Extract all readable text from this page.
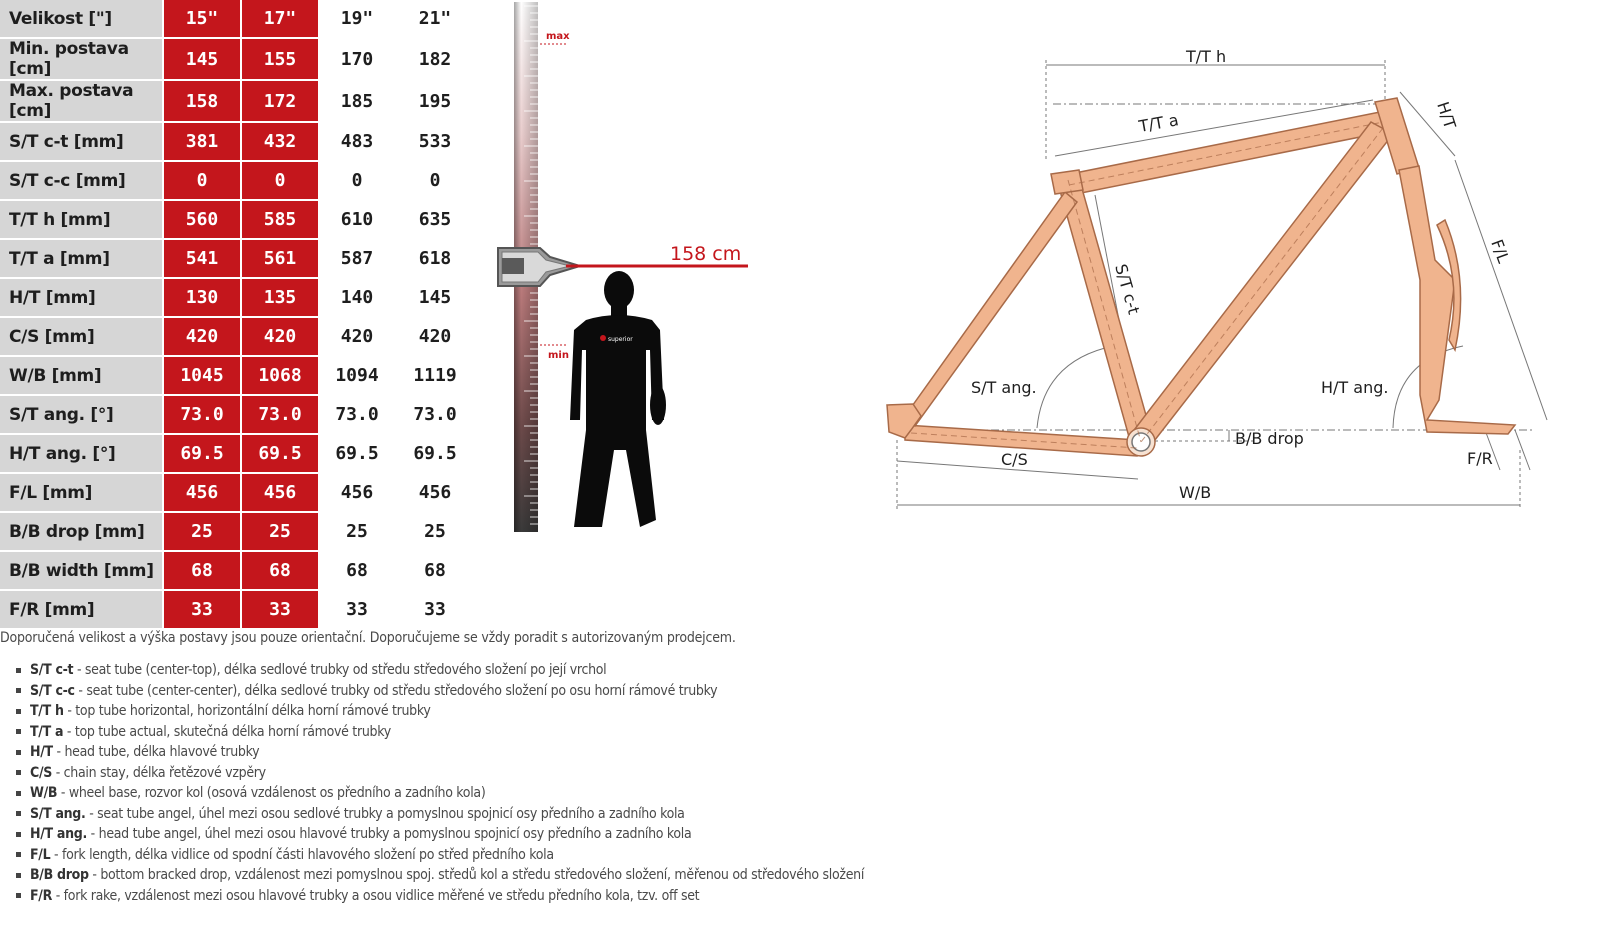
Velikost ["]	15"	17"	19"	21"
Min. postava [cm]	145	155	170	182
Max. postava [cm]	158	172	185	195
S/T c-t [mm]	381	432	483	533
S/T c-c [mm]	0	0	0	0
T/T h [mm]	560	585	610	635
T/T a [mm]	541	561	587	618
H/T [mm]	130	135	140	145
C/S [mm]	420	420	420	420
W/B [mm]	1045	1068	1094	1119
S/T ang. [°]	73.0	73.0	73.0	73.0
H/T ang. [°]	69.5	69.5	69.5	69.5
F/L [mm]	456	456	456	456
B/B drop [mm]	25	25	25	25
B/B width [mm]	68	68	68	68
F/R [mm]	33	33	33	33
max
min
158 cm
superior
T/T h
T/T a	H/T
S/T c-t
F/L
S/T ang.	H/T ang.
B/B drop
C/S	F/R
W/B
Doporučená velikost a výška postavy jsou pouze orientační. Doporučujeme se vždy poradit s autorizovaným prodejcem.
S/T c-t - seat tube (center-top), délka sedlové trubky od středu středového složení po její vrchol
S/T c-c - seat tube (center-center), délka sedlové trubky od středu středového složení po osu horní rámové trubky
T/T h - top tube horizontal, horizontální délka horní rámové trubky
T/T a - top tube actual, skutečná délka horní rámové trubky
H/T - head tube, délka hlavové trubky
C/S - chain stay, délka řetězové vzpěry
W/B - wheel base, rozvor kol (osová vzdálenost os předního a zadního kola)
S/T ang. - seat tube angel, úhel mezi osou sedlové trubky a pomyslnou spojnicí osy předního a zadního kola
H/T ang. - head tube angel, úhel mezi osou hlavové trubky a pomyslnou spojnicí osy předního a zadního kola
F/L - fork length, délka vidlice od spodní části hlavového složení po střed předního kola
B/B drop - bottom bracked drop, vzdálenost mezi pomyslnou spoj. středů kol a středu středového složení, měřenou od středového složení
F/R - fork rake, vzdálenost mezi osou hlavové trubky a osou vidlice měřené ve středu předního kola, tzv. off set
